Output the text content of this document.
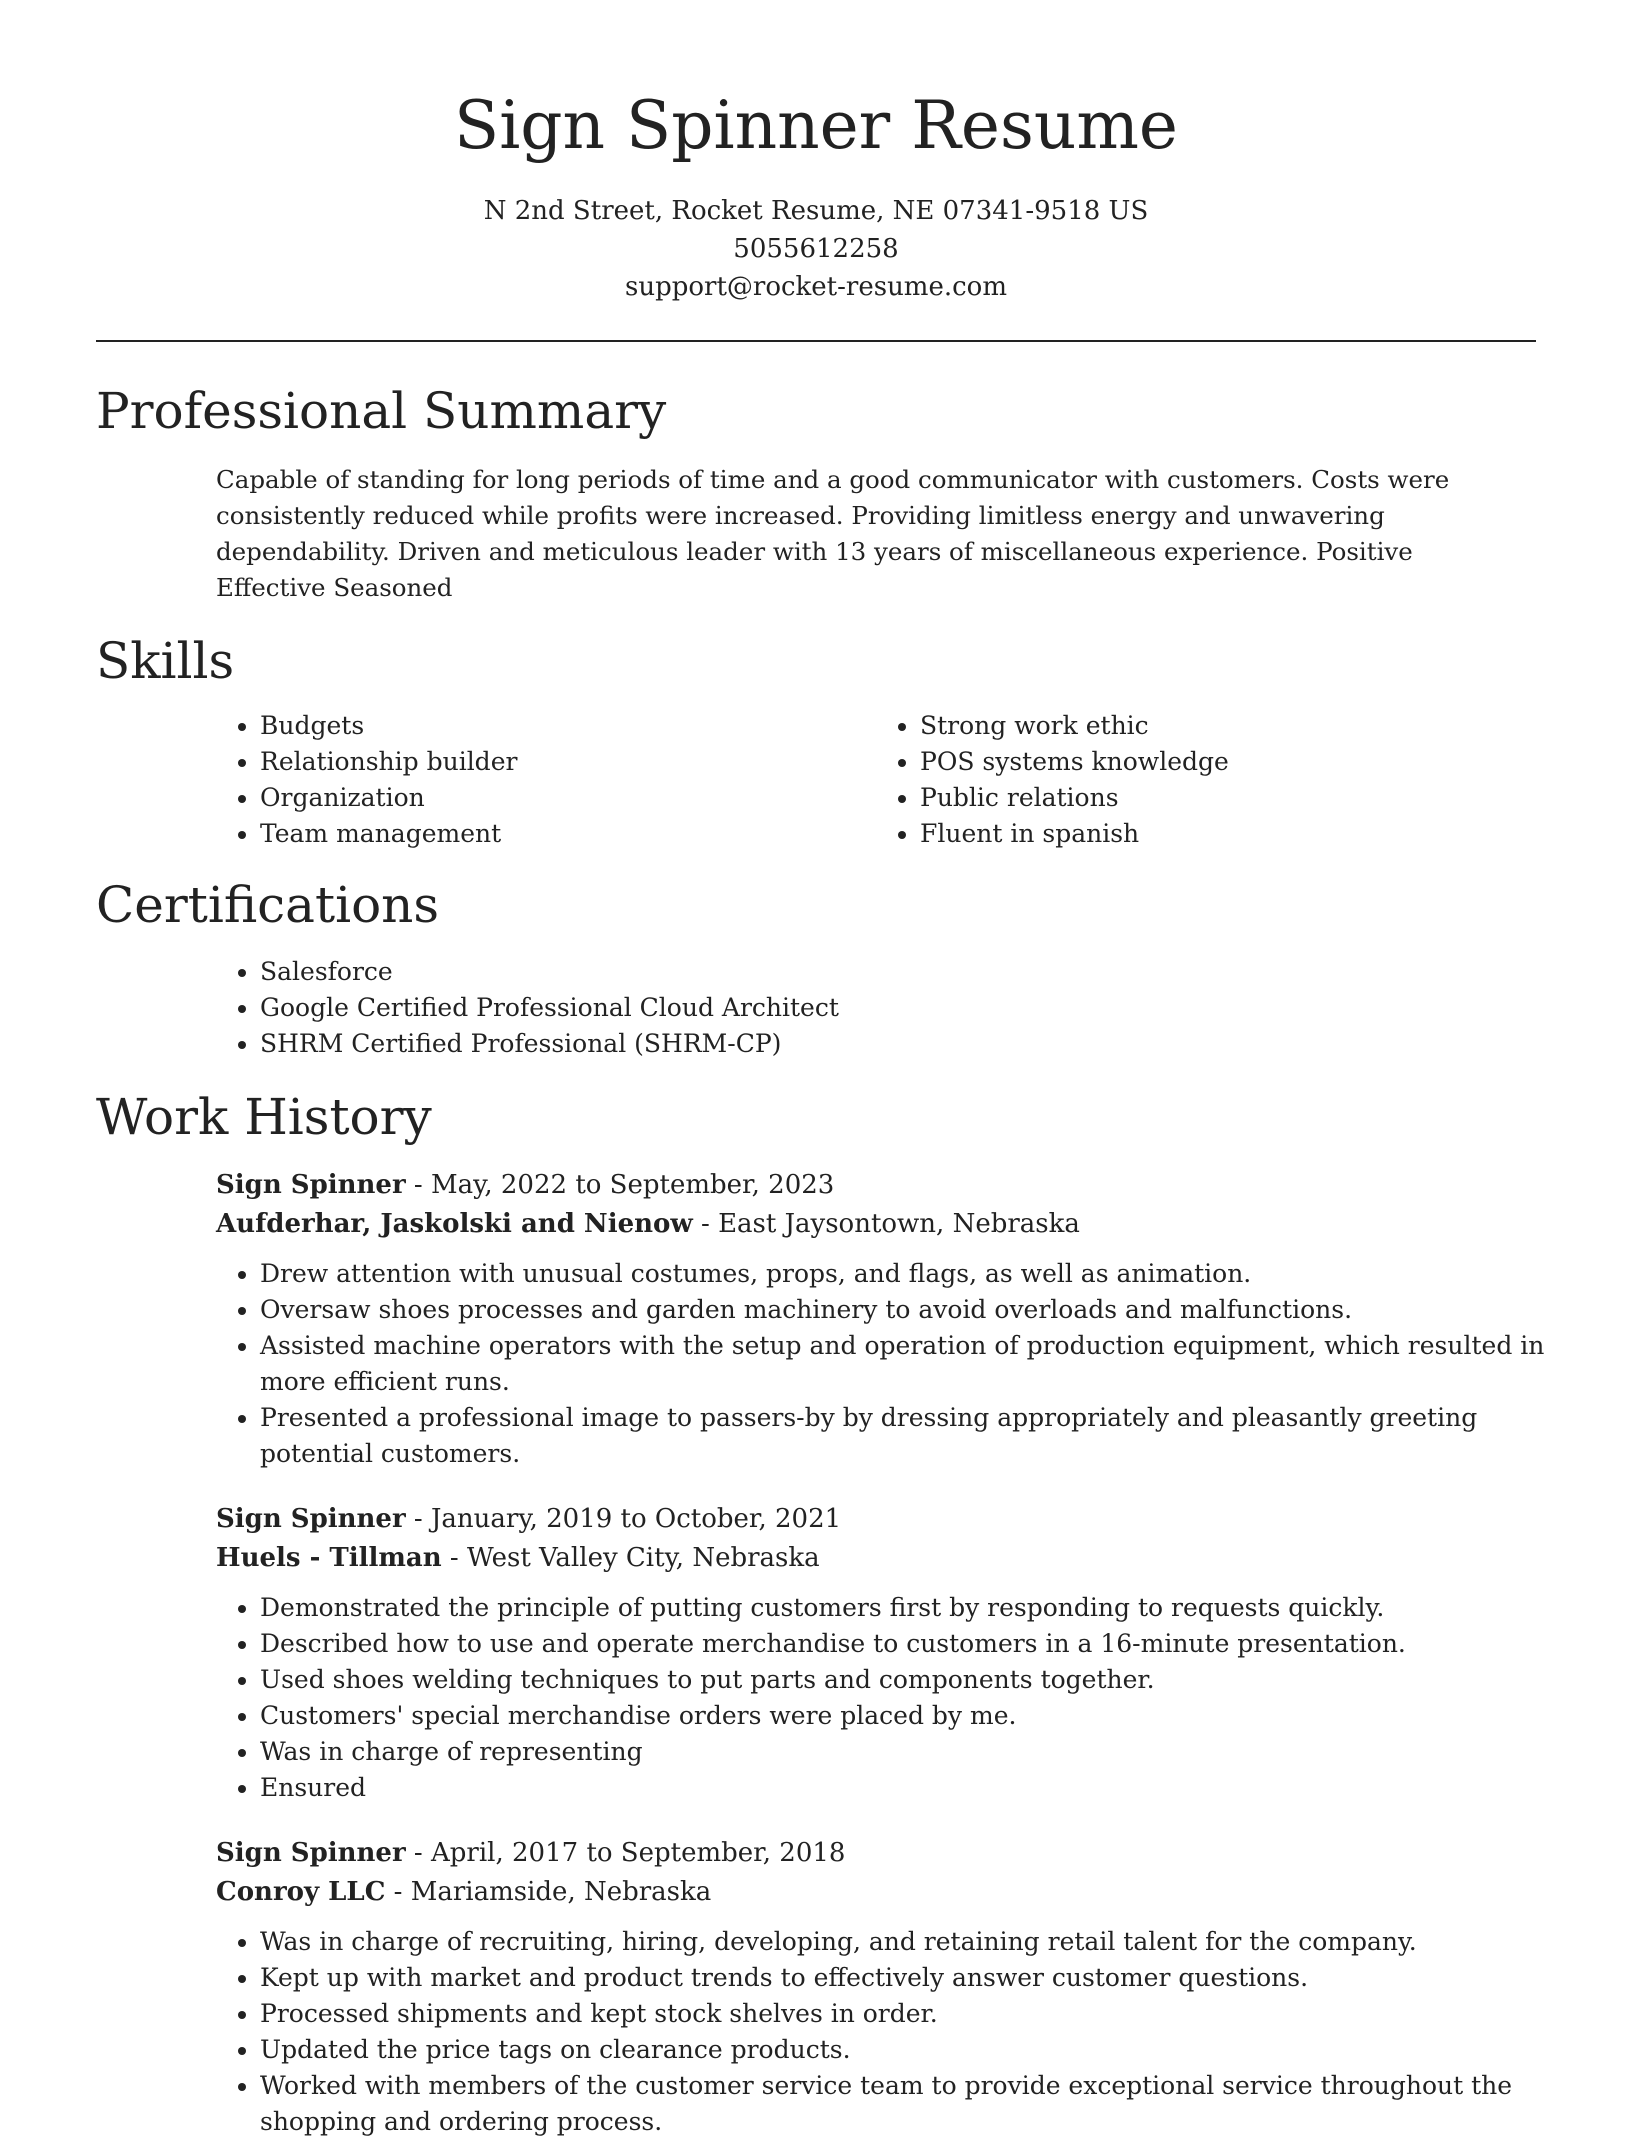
Sign Spinner Resume
N 2nd Street, Rocket Resume, NE 07341-9518 US
5055612258
support@rocket-resume.com
Professional Summary

Capable of standing for long periods of time and a good communicator with customers. Costs were consistently reduced while profits were increased. Providing limitless energy and unwavering dependability. Driven and meticulous leader with 13 years of miscellaneous experience. Positive Effective Seasoned

Skills
• Budgets
• Relationship builder
• Organization
• Team management
• Strong work ethic
• POS systems knowledge
• Public relations
• Fluent in spanish
Certifications
• Salesforce
• Google Certified Professional Cloud Architect
• SHRM Certified Professional (SHRM-CP)
Work History
Sign Spinner - May, 2022 to September, 2023
Aufderhar, Jaskolski and Nienow - East Jaysontown, Nebraska
• Drew attention with unusual costumes, props, and flags, as well as animation.
• Oversaw shoes processes and garden machinery to avoid overloads and malfunctions.
• Assisted machine operators with the setup and operation of production equipment, which resulted in more efficient runs.
• Presented a professional image to passers-by by dressing appropriately and pleasantly greeting potential customers.
Sign Spinner - January, 2019 to October, 2021
Huels - Tillman - West Valley City, Nebraska
• Demonstrated the principle of putting customers first by responding to requests quickly.
• Described how to use and operate merchandise to customers in a 16-minute presentation.
• Used shoes welding techniques to put parts and components together.
• Customers' special merchandise orders were placed by me.
• Was in charge of representing
• Ensured
Sign Spinner - April, 2017 to September, 2018
Conroy LLC - Mariamside, Nebraska
• Was in charge of recruiting, hiring, developing, and retaining retail talent for the company.
• Kept up with market and product trends to effectively answer customer questions.
• Processed shipments and kept stock shelves in order.
• Updated the price tags on clearance products.
• Worked with members of the customer service team to provide exceptional service throughout the shopping and ordering process.
